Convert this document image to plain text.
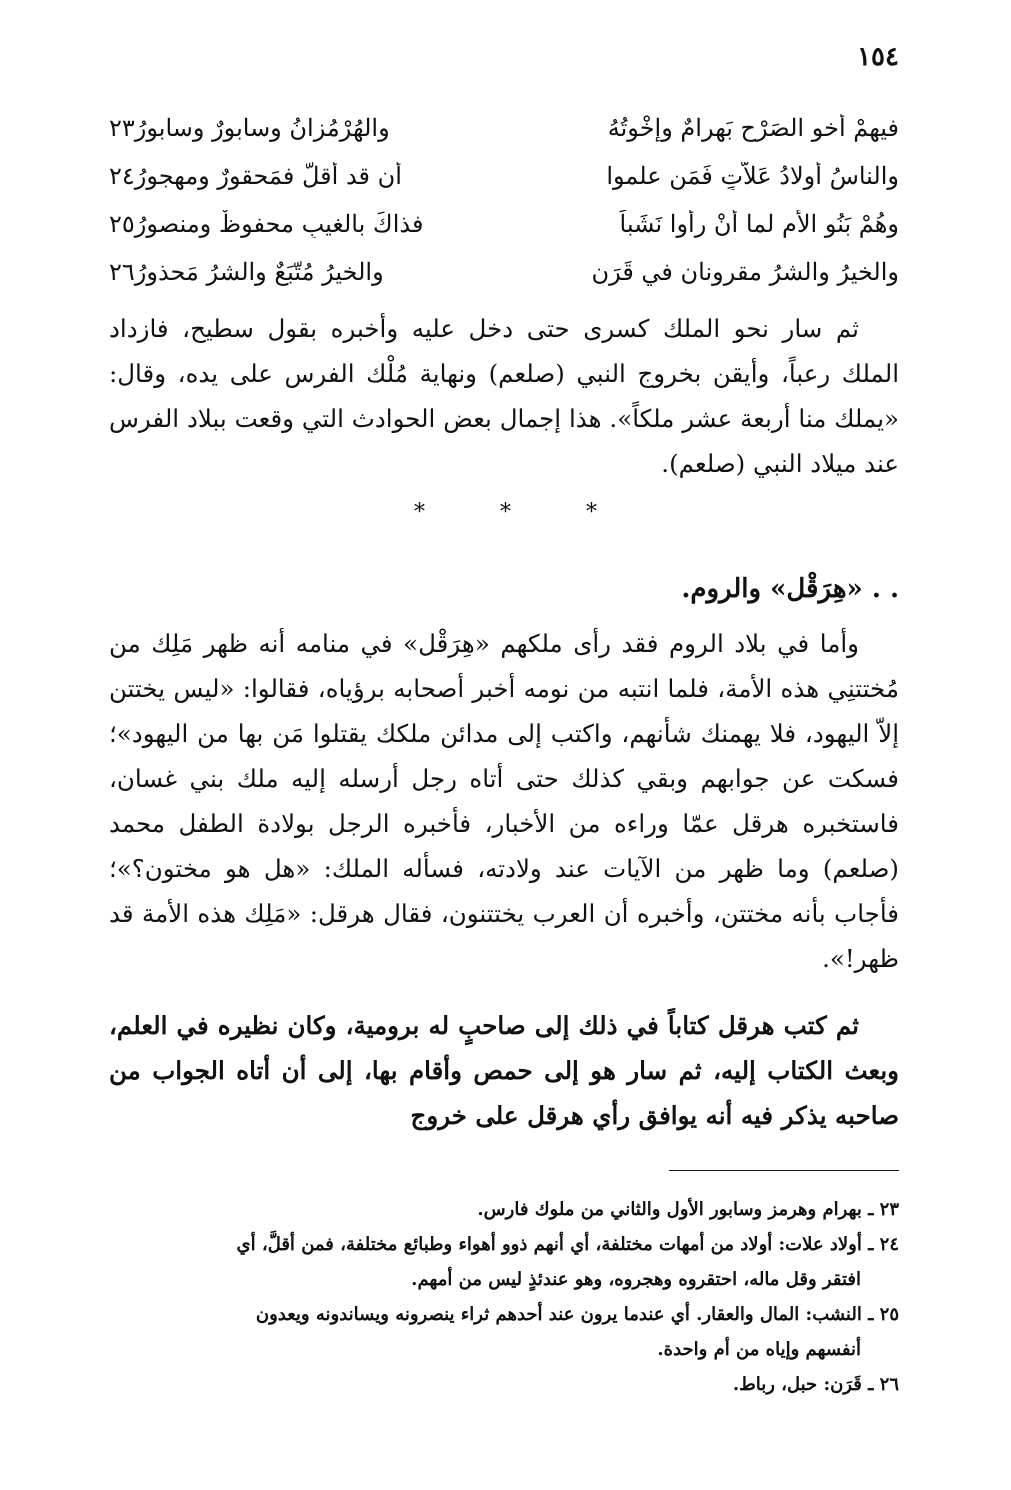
١٥٤
فيهمْ أخو الصَرْحِ بَهرامٌ وإخْوتُهُ
والهُرْمُزانُ وسابورٌ وسابورُ٢٣
والناسُ أولادُ عَلاّتٍ فَمَن علموا
أن قد أقلَّ فمَحقورٌ ومهجورُ٢٤
وهُمْ بَنُو الأم لما أنْ رأَوا نَشَباً
فذاكَ بالغيبِ محفوظٌ ومنصورُ٢٥
والخيرُ والشرُ مقرونانِ في قَرَنٍ
والخيرُ مُتّبَعٌ والشرُ مَحذورُ٢٦

ثم سار نحو الملك كسرى حتى دخل عليه وأخبره بقول سطيح، فازداد الملك رعباً، وأيقن بخروج النبي (صلعم) ونهاية مُلْك الفرس على يده، وقال: «يملك منا أربعة عشر ملكاً». هذا إجمال بعض الحوادث التي وقعت ببلاد الفرس عند ميلاد النبي (صلعم).

* * *
. . «هِرَقْل» والروم.

وأما في بلاد الروم فقد رأى ملكهم «هِرَقْل» في منامه أنه ظهر مَلِك من مُختتنِي هذه الأمة، فلما انتبه من نومه أخبر أصحابه برؤياه، فقالوا: «ليس يختتن إلاّ اليهود، فلا يهمنك شأنهم، واكتب إلى مدائن ملكك يقتلوا مَن بها من اليهود»؛ فسكت عن جوابهم وبقي كذلك حتى أتاه رجل أرسله إليه ملك بني غسان، فاستخبره هرقل عمّا وراءه من الأخبار، فأخبره الرجل بولادة الطفل محمد (صلعم) وما ظهر من الآيات عند ولادته، فسأله الملك: «هل هو مختون؟»؛ فأجاب بأنه مختتن، وأخبره أن العرب يختتنون، فقال هرقل: «مَلِك هذه الأمة قد ظهر!».

ثم كتب هرقل كتاباً في ذلك إلى صاحبٍ له برومية، وكان نظيره في العلم، وبعث الكتاب إليه، ثم سار هو إلى حمص وأقام بها، إلى أن أتاه الجواب من صاحبه يذكر فيه أنه يوافق رأي هرقل على خروج

٢٣ ـ بهرام وهرمز وسابور الأول والثاني من ملوك فارس.

٢٤ ـ أولاد علات: أولاد من أمهات مختلفة، أي أنهم ذوو أهواء وطبائع مختلفة، فمن أقلَّ، أي

افتقر وقل ماله، احتقروه وهجروه، وهو عندئذٍ ليس من أمهم.

٢٥ ـ النشب: المال والعقار. أي عندما يرون عند أحدهم ثراء ينصرونه ويساندونه ويعدون

أنفسهم وإياه من أم واحدة.

٢٦ ـ قَرَن: حبل، رباط.
